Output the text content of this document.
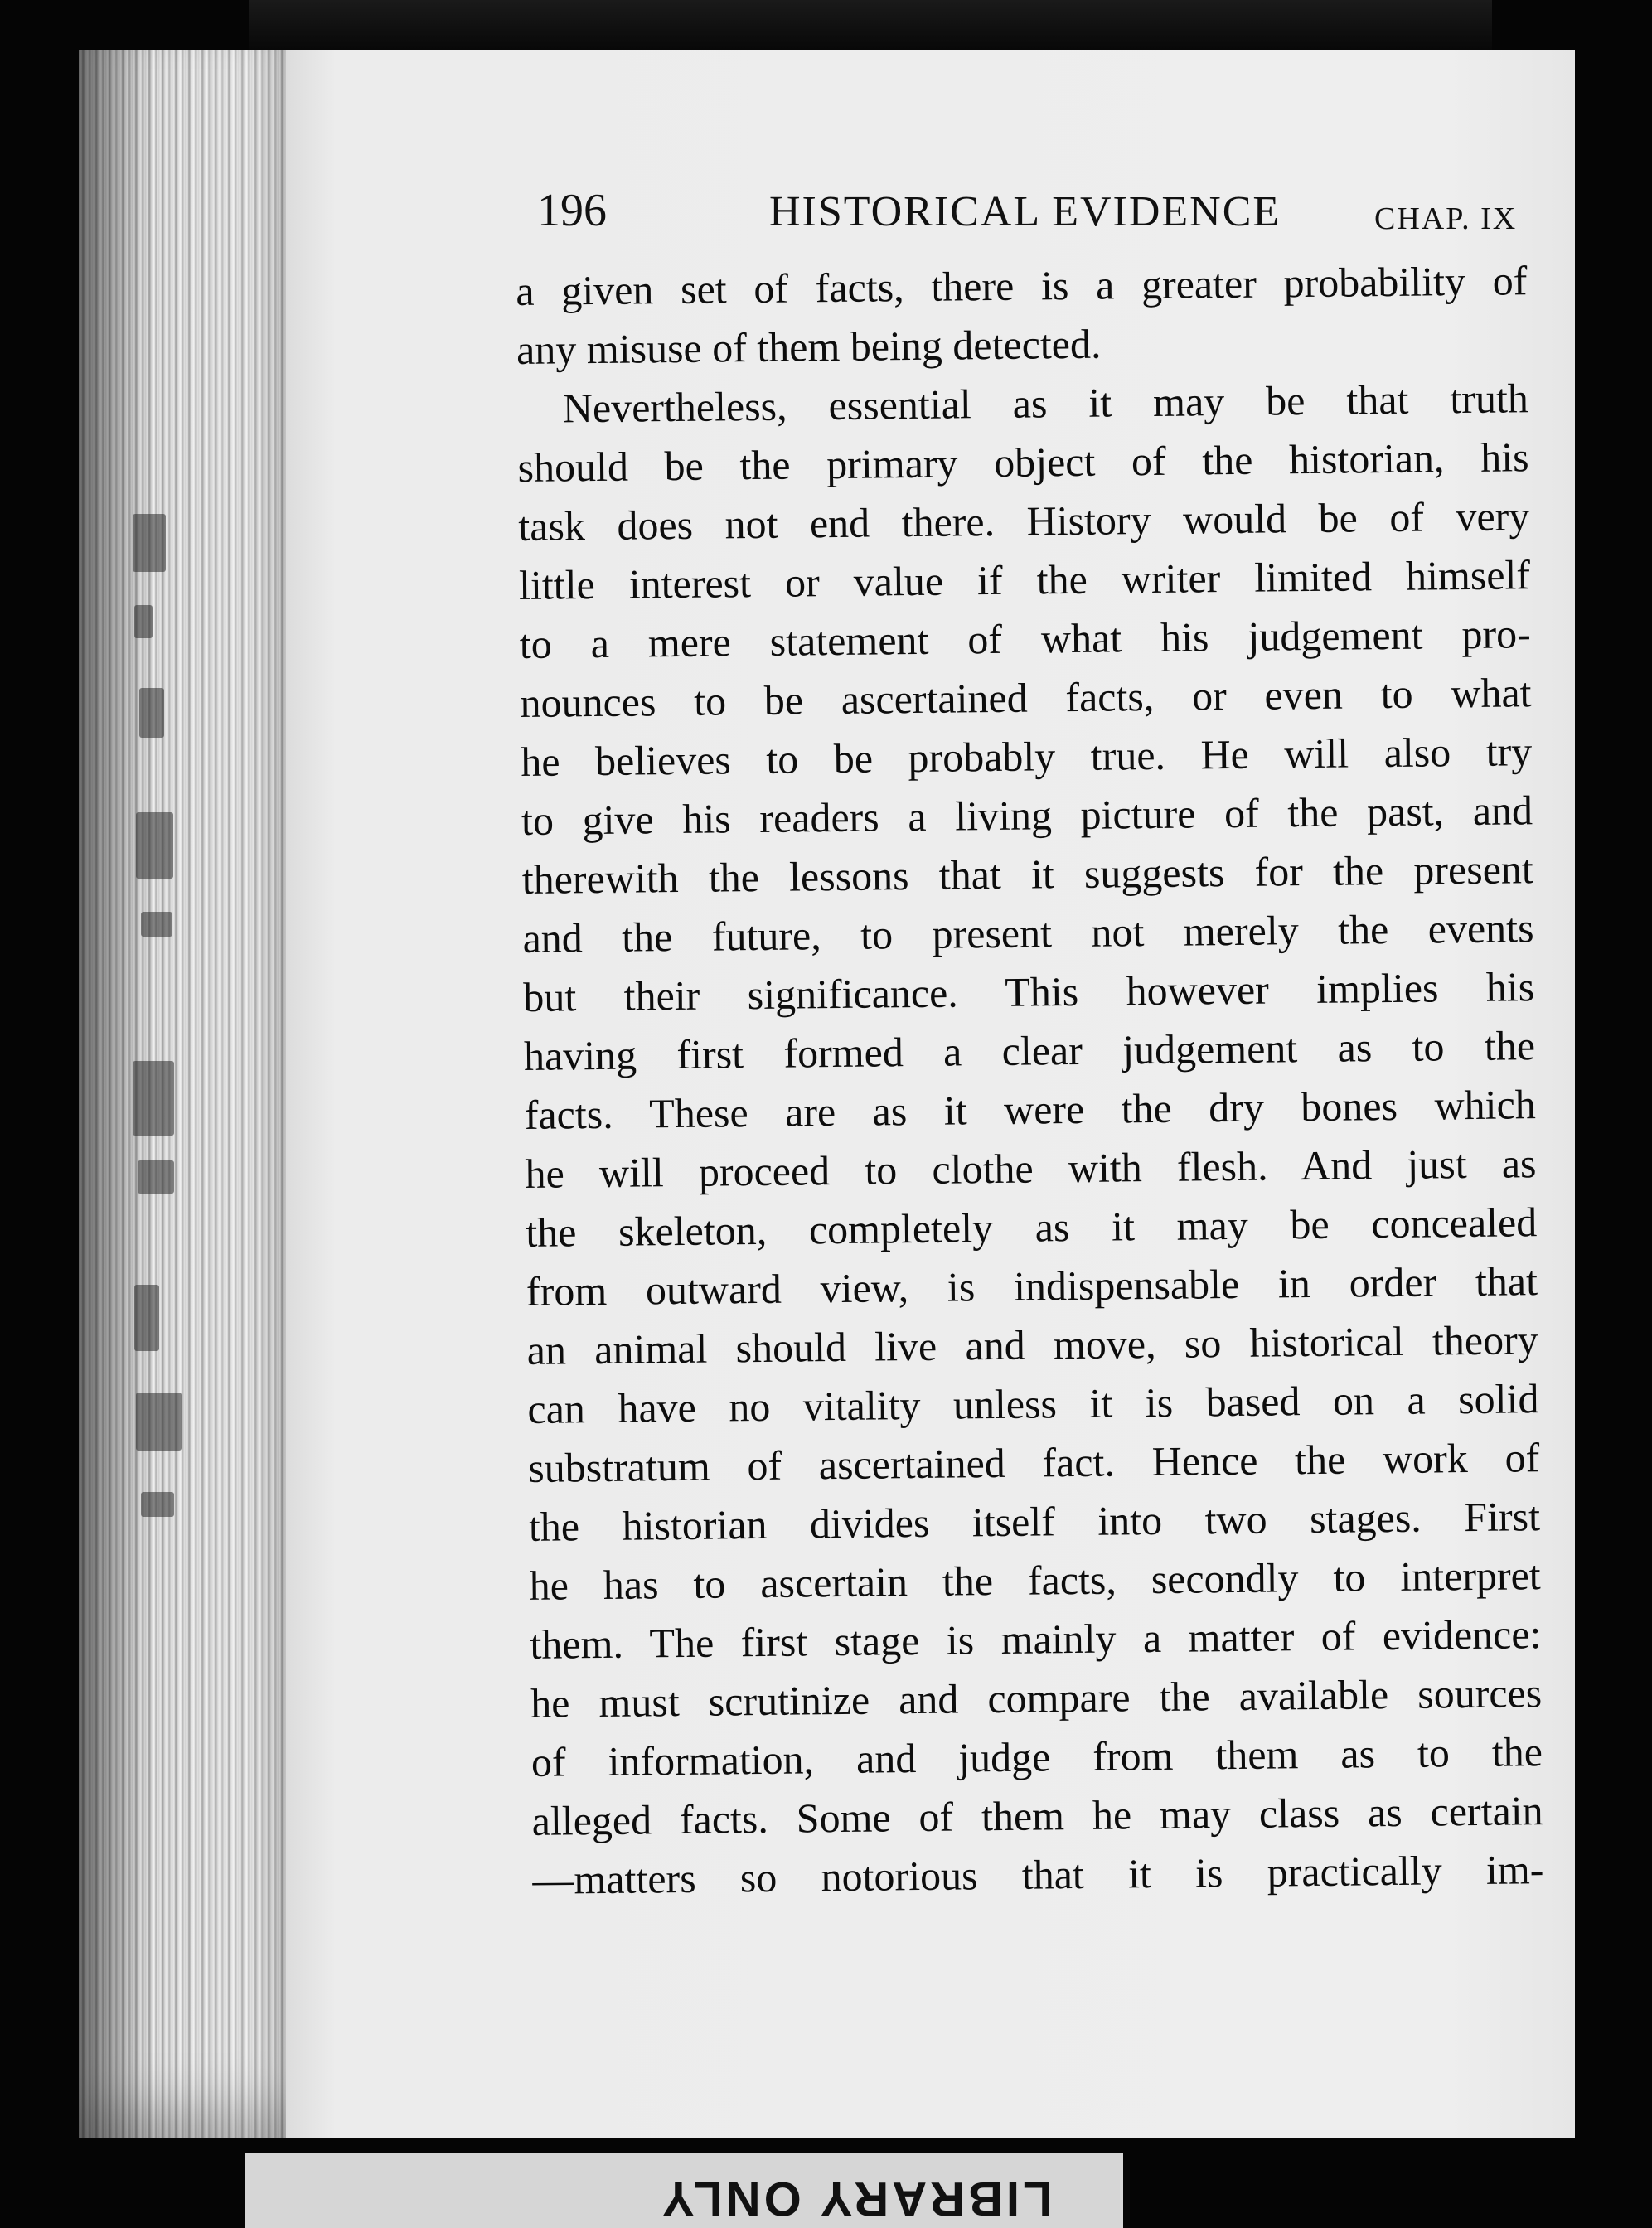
196	HISTORICAL EVIDENCE	CHAP. IX
a given set of facts, there is a greater probability of
any misuse of them being detected.
Nevertheless, essential as it may be that truth
should be the primary object of the historian, his
task does not end there. History would be of very
little interest or value if the writer limited himself
to a mere statement of what his judgement pro-
nounces to be ascertained facts, or even to what
he believes to be probably true. He will also try
to give his readers a living picture of the past, and
therewith the lessons that it suggests for the present
and the future, to present not merely the events
but their significance. This however implies his
having first formed a clear judgement as to the
facts. These are as it were the dry bones which
he will proceed to clothe with flesh. And just as
the skeleton, completely as it may be concealed
from outward view, is indispensable in order that
an animal should live and move, so historical theory
can have no vitality unless it is based on a solid
substratum of ascertained fact. Hence the work of
the historian divides itself into two stages. First
he has to ascertain the facts, secondly to interpret
them. The first stage is mainly a matter of evidence:
he must scrutinize and compare the available sources
of information, and judge from them as to the
alleged facts. Some of them he may class as certain
—matters so notorious that it is practically im-
LIBRARY ONLY
